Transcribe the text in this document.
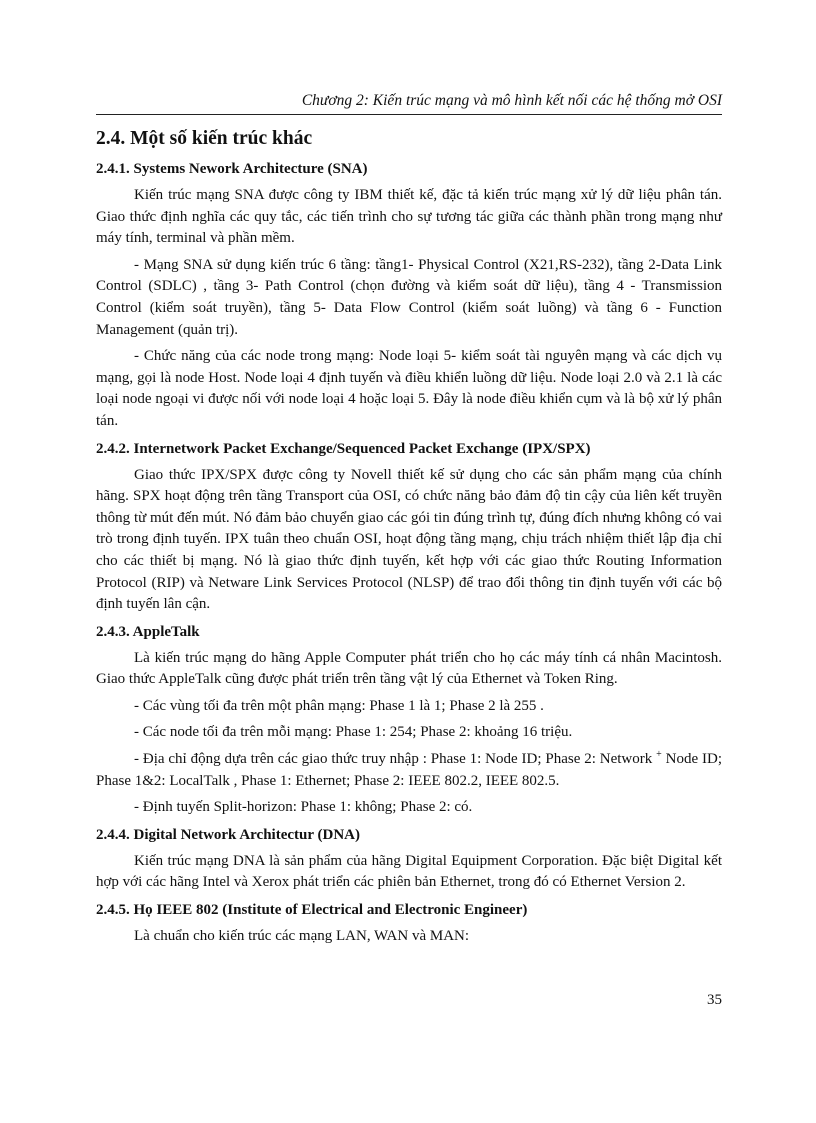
Chương 2: Kiến trúc mạng và mô hình kết nối các hệ thống mở OSI
2.4. Một số kiến trúc khác
2.4.1. Systems Nework Architecture (SNA)

Kiến trúc mạng SNA được công ty IBM thiết kế, đặc tả kiến trúc mạng xử lý dữ liệu phân tán. Giao thức định nghĩa các quy tắc, các tiến trình cho sự tương tác giữa các thành phần trong mạng như máy tính, terminal và phần mềm.

- Mạng SNA sử dụng kiến trúc 6 tầng: tầng1- Physical Control (X21,RS-232), tầng 2-Data Link Control (SDLC) , tầng 3- Path Control (chọn đường và kiểm soát dữ liệu), tầng 4 - Transmission Control (kiểm soát truyền), tầng 5- Data Flow Control (kiểm soát luồng) và tầng 6 - Function Management (quản trị).

- Chức năng của các node trong mạng: Node loại 5- kiểm soát tài nguyên mạng và các dịch vụ mạng, gọi là node Host. Node loại 4 định tuyến và điều khiển luồng dữ liệu. Node loại 2.0 và 2.1 là các loại node ngoại vi được nối với node loại 4 hoặc loại 5. Đây là node điều khiển cụm và là bộ xử lý phân tán.

2.4.2. Internetwork Packet Exchange/Sequenced Packet Exchange (IPX/SPX)

Giao thức IPX/SPX được công ty Novell thiết kế sử dụng cho các sản phẩm mạng của chính hãng. SPX hoạt động trên tầng Transport của OSI, có chức năng bảo đảm độ tin cậy của liên kết truyền thông từ mút đến mút. Nó đảm bảo chuyển giao các gói tin đúng trình tự, đúng đích nhưng không có vai trò trong định tuyến. IPX tuân theo chuẩn OSI, hoạt động tầng mạng, chịu trách nhiệm thiết lập địa chỉ cho các thiết bị mạng. Nó là giao thức định tuyến, kết hợp với các giao thức Routing Information Protocol (RIP) và Netware Link Services Protocol (NLSP) để trao đổi thông tin định tuyến với các bộ định tuyến lân cận.

2.4.3. AppleTalk

Là kiến trúc mạng do hãng Apple Computer phát triển cho họ các máy tính cá nhân Macintosh. Giao thức AppleTalk cũng được phát triển trên tầng vật lý của Ethernet và Token Ring.

- Các vùng tối đa trên một phân mạng: Phase 1 là 1; Phase 2 là 255 .

- Các node tối đa trên mỗi mạng: Phase 1: 254; Phase 2: khoảng 16 triệu.

- Địa chỉ động dựa trên các giao thức truy nhập : Phase 1: Node ID; Phase 2: Network + Node ID; Phase 1&2: LocalTalk , Phase 1: Ethernet; Phase 2: IEEE 802.2, IEEE 802.5.

- Định tuyến Split-horizon: Phase 1: không; Phase 2: có.

2.4.4. Digital Network Architectur (DNA)

Kiến trúc mạng DNA là sản phẩm của hãng Digital Equipment Corporation. Đặc biệt Digital kết hợp với các hãng Intel và Xerox phát triển các phiên bản Ethernet, trong đó có Ethernet Version 2.

2.4.5. Họ IEEE 802 (Institute of Electrical and Electronic Engineer)

Là chuẩn cho kiến trúc các mạng LAN, WAN và MAN:

35
